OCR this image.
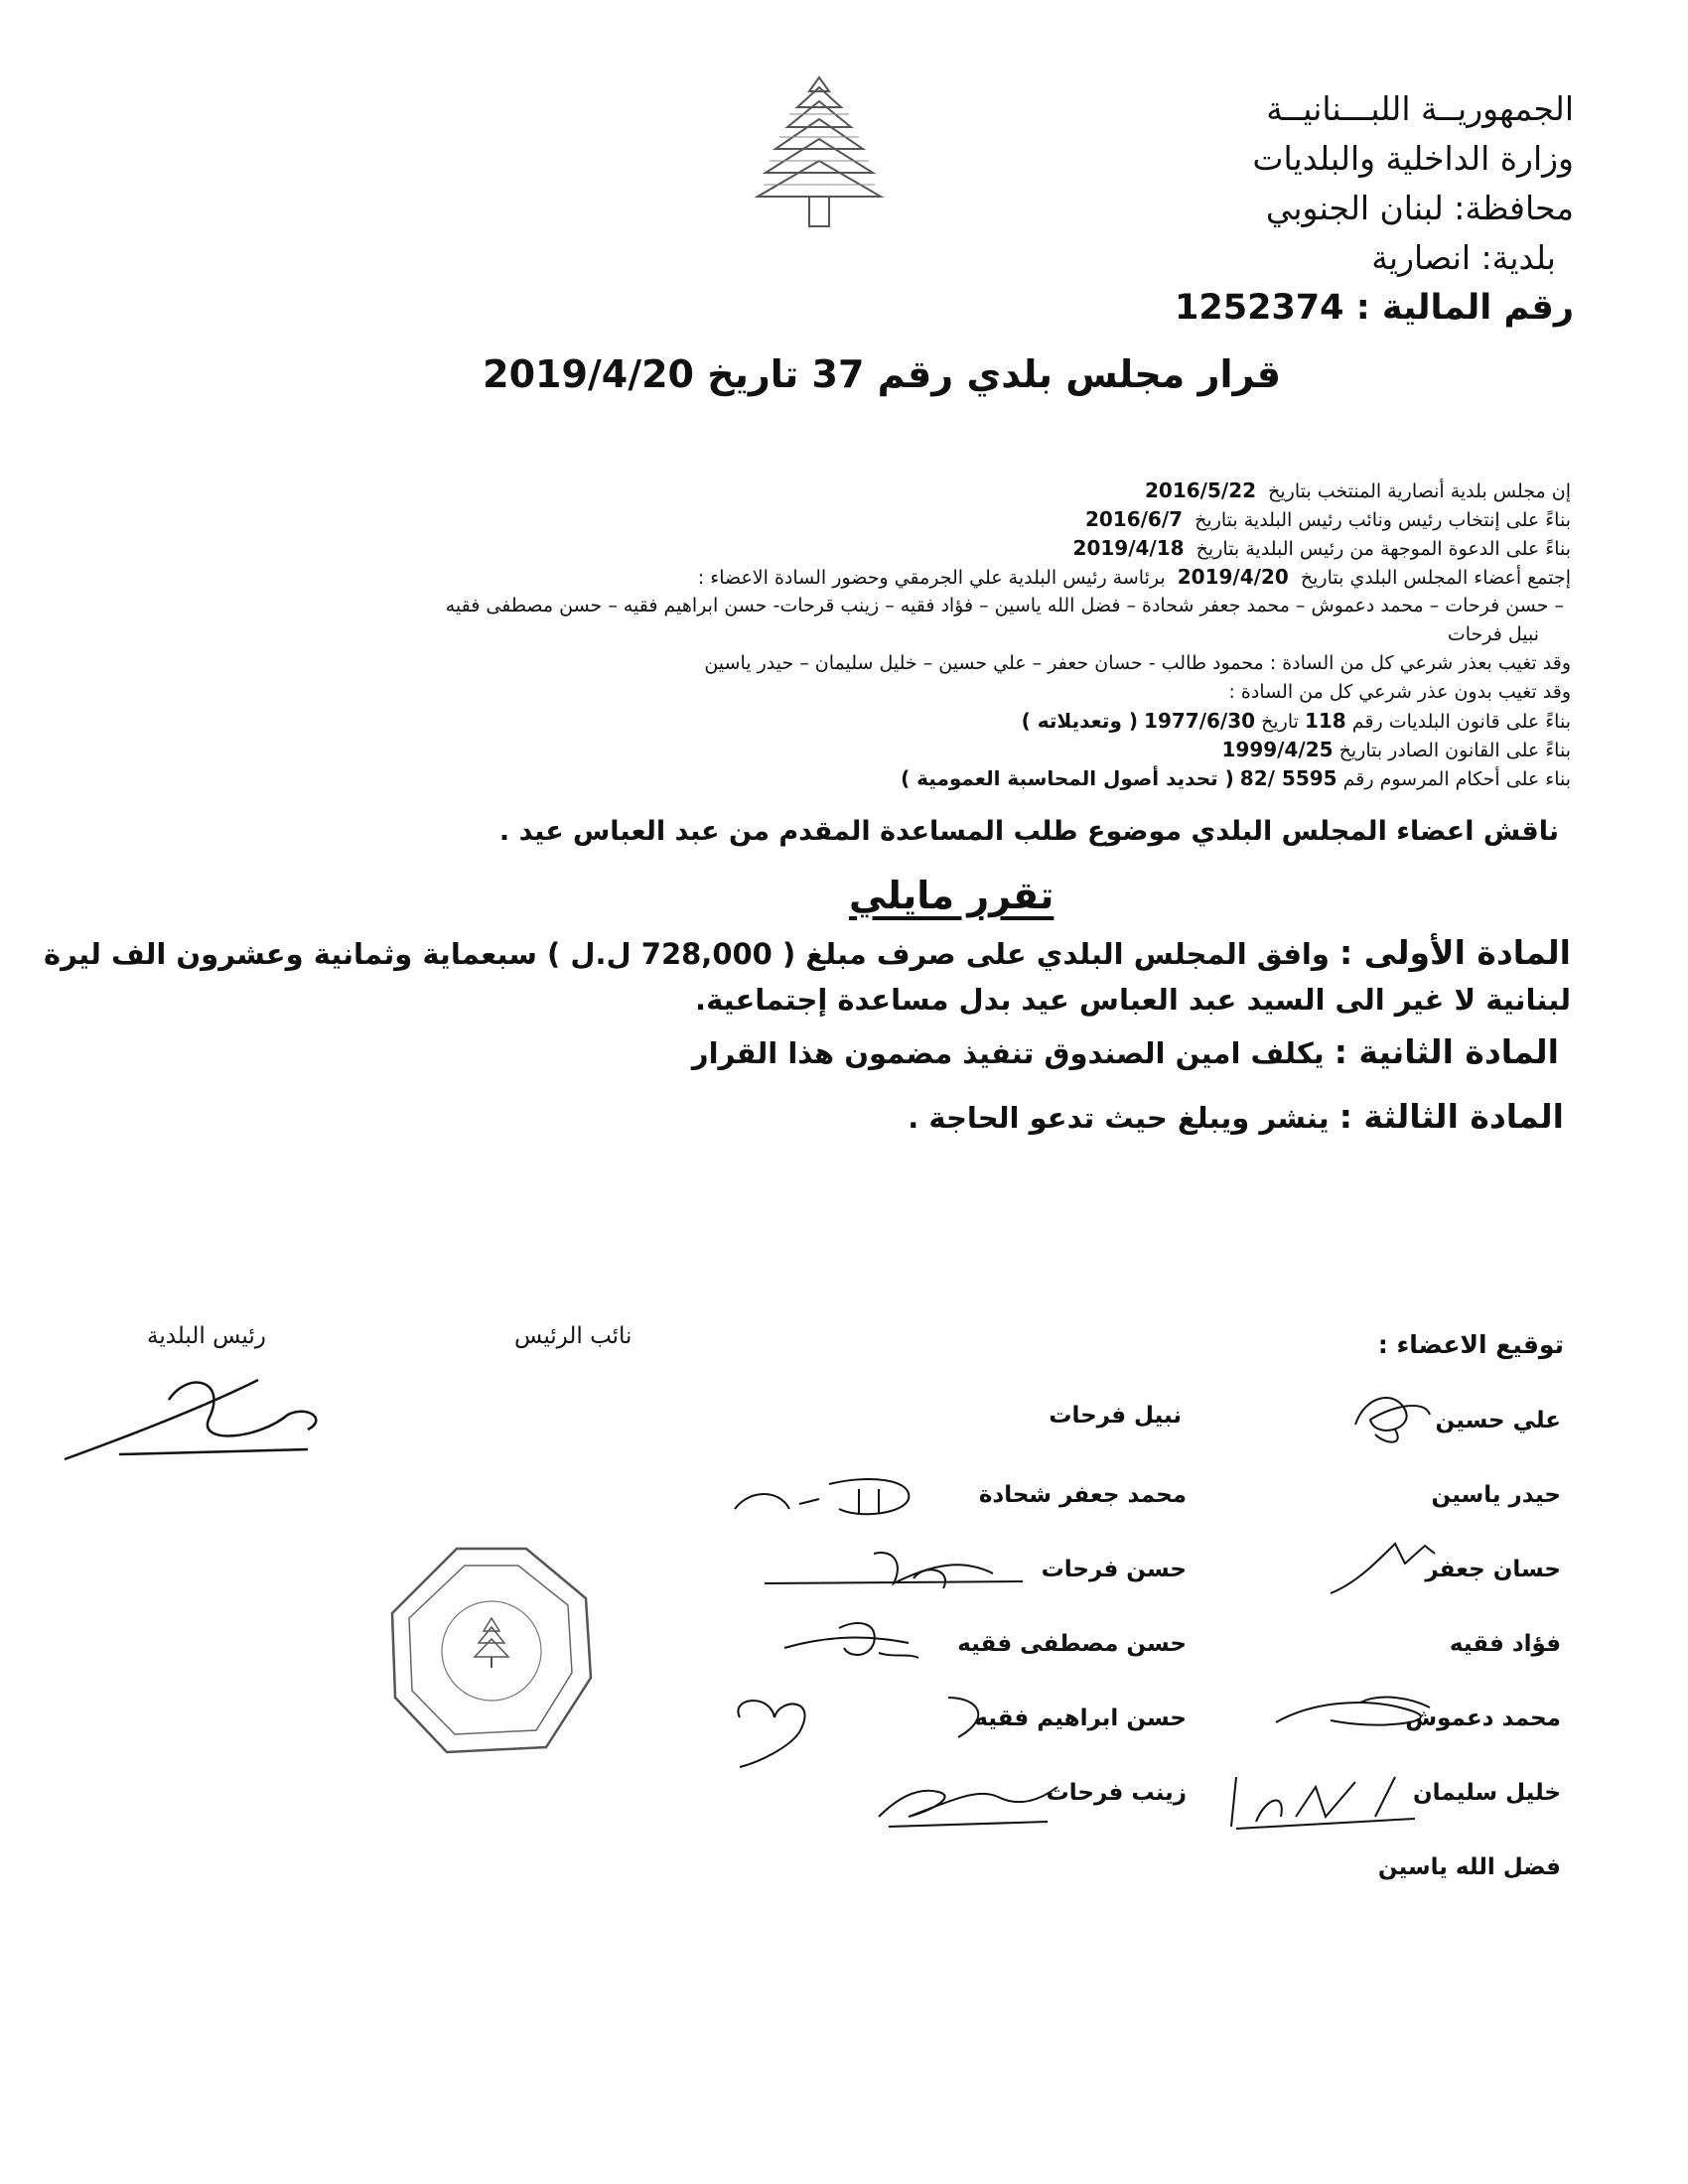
الجمهوريــة اللبـــنانيــة
وزارة الداخلية والبلديات
محافظة: لبنان الجنوبي
بلدية: انصارية
رقم المالية : 1252374
قرار مجلس بلدي رقم 37 تاريخ 2019/4/20
إن مجلس بلدية أنصارية المنتخب بتاريخ  2016/5/22
بناءً على إنتخاب رئيس ونائب رئيس البلدية بتاريخ  2016/6/7
بناءً على الدعوة الموجهة من رئيس البلدية بتاريخ  2019/4/18
إجتمع أعضاء المجلس البلدي بتاريخ  2019/4/20  برئاسة رئيس البلدية علي الجرمقي وحضور السادة الاعضاء :
– حسن فرحات – محمد دعموش – محمد جعفر شحادة – فضل الله ياسين – فؤاد فقيه – زينب قرحات- حسن ابراهيم فقيه – حسن مصطفى فقيه
نبيل فرحات
وقد تغيب بعذر شرعي كل من السادة : محمود طالب - حسان حعفر – علي حسين – خليل سليمان – حيدر ياسين
وقد تغيب بدون عذر شرعي كل من السادة :
بناءً على قانون البلديات رقم 118 تاريخ 1977/6/30 ( وتعديلاته )
بناءً على القانون الصادر بتاريخ 1999/4/25
بناء على أحكام المرسوم رقم 5595 /82 ( تحديد أصول المحاسبة العمومية )
ناقش اعضاء المجلس البلدي موضوع طلب المساعدة المقدم من عبد العباس عيد .
تقرر مايلي
المادة الأولى : وافق المجلس البلدي على صرف مبلغ ( 728,000 ل.ل ) سبعماية وثمانية وعشرون الف ليرة
لبنانية لا غير الى السيد عبد العباس عيد بدل مساعدة إجتماعية.
المادة الثانية : يكلف امين الصندوق تنفيذ مضمون هذا القرار
المادة الثالثة : ينشر ويبلغ حيث تدعو الحاجة .
توقيع الاعضاء :
نائب الرئيس
رئيس البلدية
علي حسين
حيدر ياسين
حسان جعفر
فؤاد فقيه
محمد دعموش
خليل سليمان
فضل الله ياسين
نبيل فرحات
محمد جعفر شحادة
حسن فرحات
حسن مصطفى فقيه
حسن ابراهيم فقيه
زينب فرحات
